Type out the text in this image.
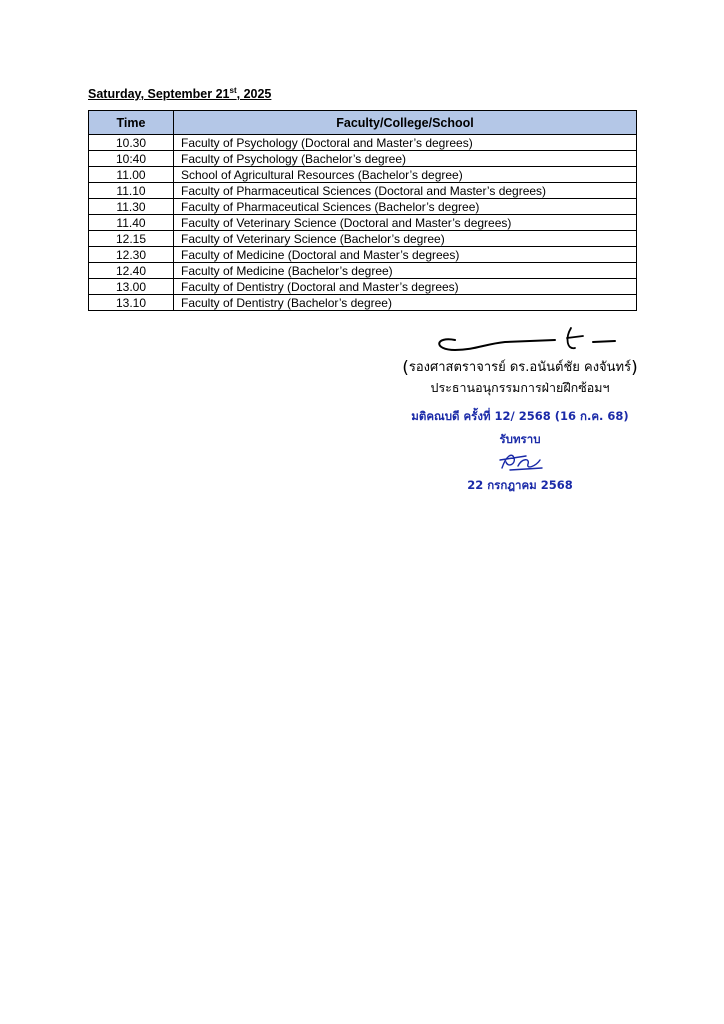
Saturday, September 21st, 2025
Time	Faculty/College/School
10.30	Faculty of Psychology (Doctoral and Master’s degrees)
10:40	Faculty of Psychology (Bachelor’s degree)
11.00	School of Agricultural Resources (Bachelor’s degree)
11.10	Faculty of Pharmaceutical Sciences (Doctoral and Master’s degrees)
11.30	Faculty of Pharmaceutical Sciences (Bachelor’s degree)
11.40	Faculty of Veterinary Science (Doctoral and Master’s degrees)
12.15	Faculty of Veterinary Science (Bachelor’s degree)
12.30	Faculty of Medicine (Doctoral and Master’s degrees)
12.40	Faculty of Medicine (Bachelor’s degree)
13.00	Faculty of Dentistry (Doctoral and Master’s degrees)
13.10	Faculty of Dentistry (Bachelor’s degree)
(รองศาสตราจารย์ ดร.อนันต์ชัย คงจันทร์)
ประธานอนุกรรมการฝ่ายฝึกซ้อมฯ
มติคณบดี ครั้งที่ 12/ 2568 (16 ก.ค. 68)
รับทราบ
22 กรกฎาคม 2568
